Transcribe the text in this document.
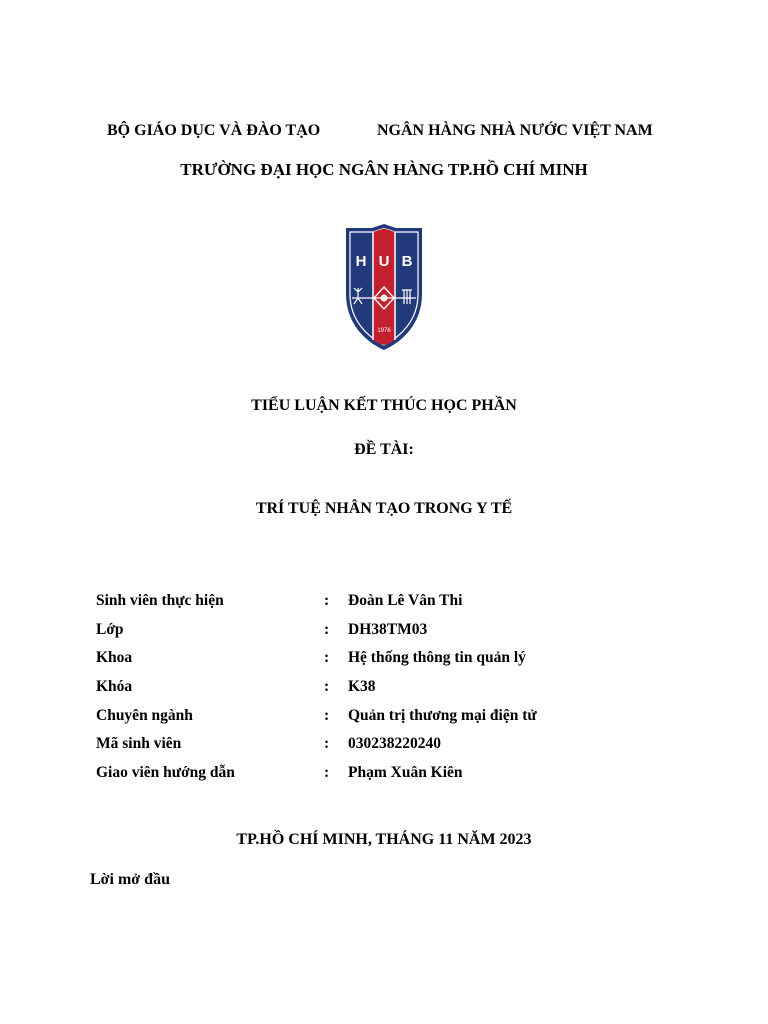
BỘ GIÁO DỤC VÀ ĐÀO TẠO	NGÂN HÀNG NHÀ NƯỚC VIỆT NAM
TRƯỜNG ĐẠI HỌC NGÂN HÀNG TP.HỒ CHÍ MINH
H U B
1976
TIỂU LUẬN KẾT THÚC HỌC PHẦN
ĐỀ TÀI:
TRÍ TUỆ NHÂN TẠO TRONG Y TẾ
Sinh viên thực hiện	: Đoàn Lê Vân Thi
Lớp	: DH38TM03
Khoa	: Hệ thống thông tin quản lý
Khóa	: K38
Chuyên ngành	: Quản trị thương mại điện tử
Mã sinh viên	: 030238220240
Giao viên hướng dẫn	: Phạm Xuân Kiên
TP.HỒ CHÍ MINH, THÁNG 11 NĂM 2023
Lời mở đầu
